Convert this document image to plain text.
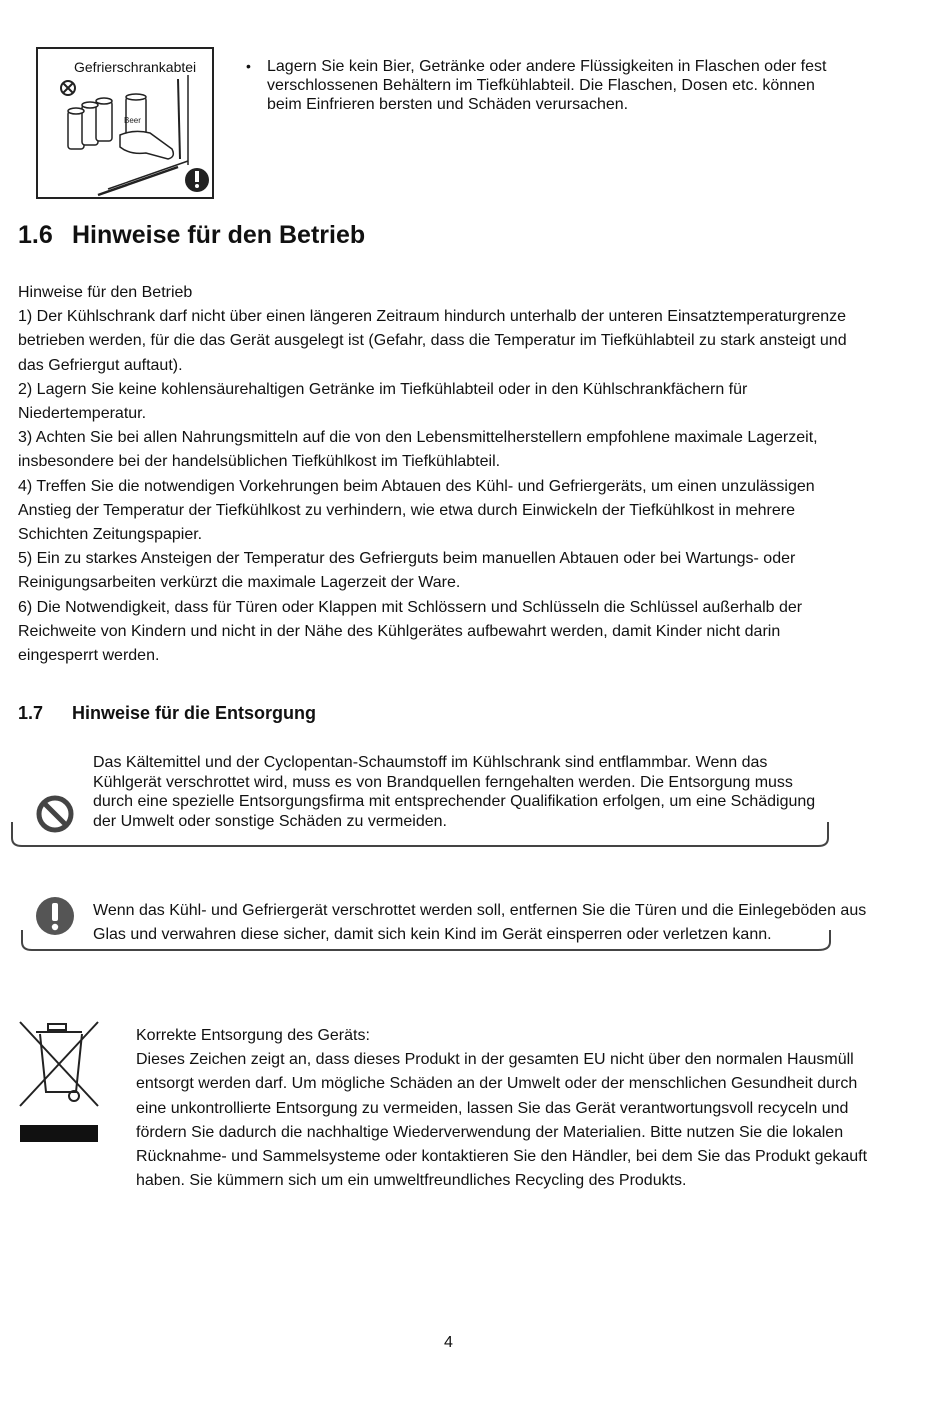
Gefrierschrankabtei
Beer
• Lagern Sie kein Bier, Getränke oder andere Flüssigkeiten in Flaschen oder fest verschlossenen Behältern im Tiefkühlabteil. Die Flaschen, Dosen etc. können beim Einfrieren bersten und Schäden verursachen.
1.6 Hinweise für den Betrieb

Hinweise für den Betrieb

1) Der Kühlschrank darf nicht über einen längeren Zeitraum hindurch unterhalb der unteren Einsatztemperaturgrenze betrieben werden, für die das Gerät ausgelegt ist (Gefahr, dass die Temperatur im Tiefkühlabteil zu stark ansteigt und das Gefriergut auftaut).

2) Lagern Sie keine kohlensäurehaltigen Getränke im Tiefkühlabteil oder in den Kühlschrankfächern für Niedertemperatur.

3) Achten Sie bei allen Nahrungsmitteln auf die von den Lebensmittelherstellern empfohlene maximale Lagerzeit, insbesondere bei der handelsüblichen Tiefkühlkost im Tiefkühlabteil.

4) Treffen Sie die notwendigen Vorkehrungen beim Abtauen des Kühl- und Gefriergeräts, um einen unzulässigen Anstieg der Temperatur der Tiefkühlkost zu verhindern, wie etwa durch Einwickeln der Tiefkühlkost in mehrere Schichten Zeitungspapier.

5) Ein zu starkes Ansteigen der Temperatur des Gefrierguts beim manuellen Abtauen oder bei Wartungs- oder Reinigungsarbeiten verkürzt die maximale Lagerzeit der Ware.

6) Die Notwendigkeit, dass für Türen oder Klappen mit Schlössern und Schlüsseln die Schlüssel außerhalb der Reichweite von Kindern und nicht in der Nähe des Kühlgerätes aufbewahrt werden, damit Kinder nicht darin eingesperrt werden.

1.7 Hinweise für die Entsorgung
Das Kältemittel und der Cyclopentan-Schaumstoff im Kühlschrank sind entflammbar. Wenn das Kühlgerät verschrottet wird, muss es von Brandquellen ferngehalten werden. Die Entsorgung muss durch eine spezielle Entsorgungsfirma mit entsprechender Qualifikation erfolgen, um eine Schädigung der Umwelt oder sonstige Schäden zu vermeiden.
Wenn das Kühl- und Gefriergerät verschrottet werden soll, entfernen Sie die Türen und die Einlegeböden aus Glas und verwahren diese sicher, damit sich kein Kind im Gerät einsperren oder verletzen kann.

Korrekte Entsorgung des Geräts:

Dieses Zeichen zeigt an, dass dieses Produkt in der gesamten EU nicht über den normalen Hausmüll entsorgt werden darf. Um mögliche Schäden an der Umwelt oder der menschlichen Gesundheit durch eine unkontrollierte Entsorgung zu vermeiden, lassen Sie das Gerät verantwortungsvoll recyceln und fördern Sie dadurch die nachhaltige Wiederverwendung der Materialien. Bitte nutzen Sie die lokalen Rücknahme- und Sammelsysteme oder kontaktieren Sie den Händler, bei dem Sie das Produkt gekauft haben. Sie kümmern sich um ein umweltfreundliches Recycling des Produkts.

4
